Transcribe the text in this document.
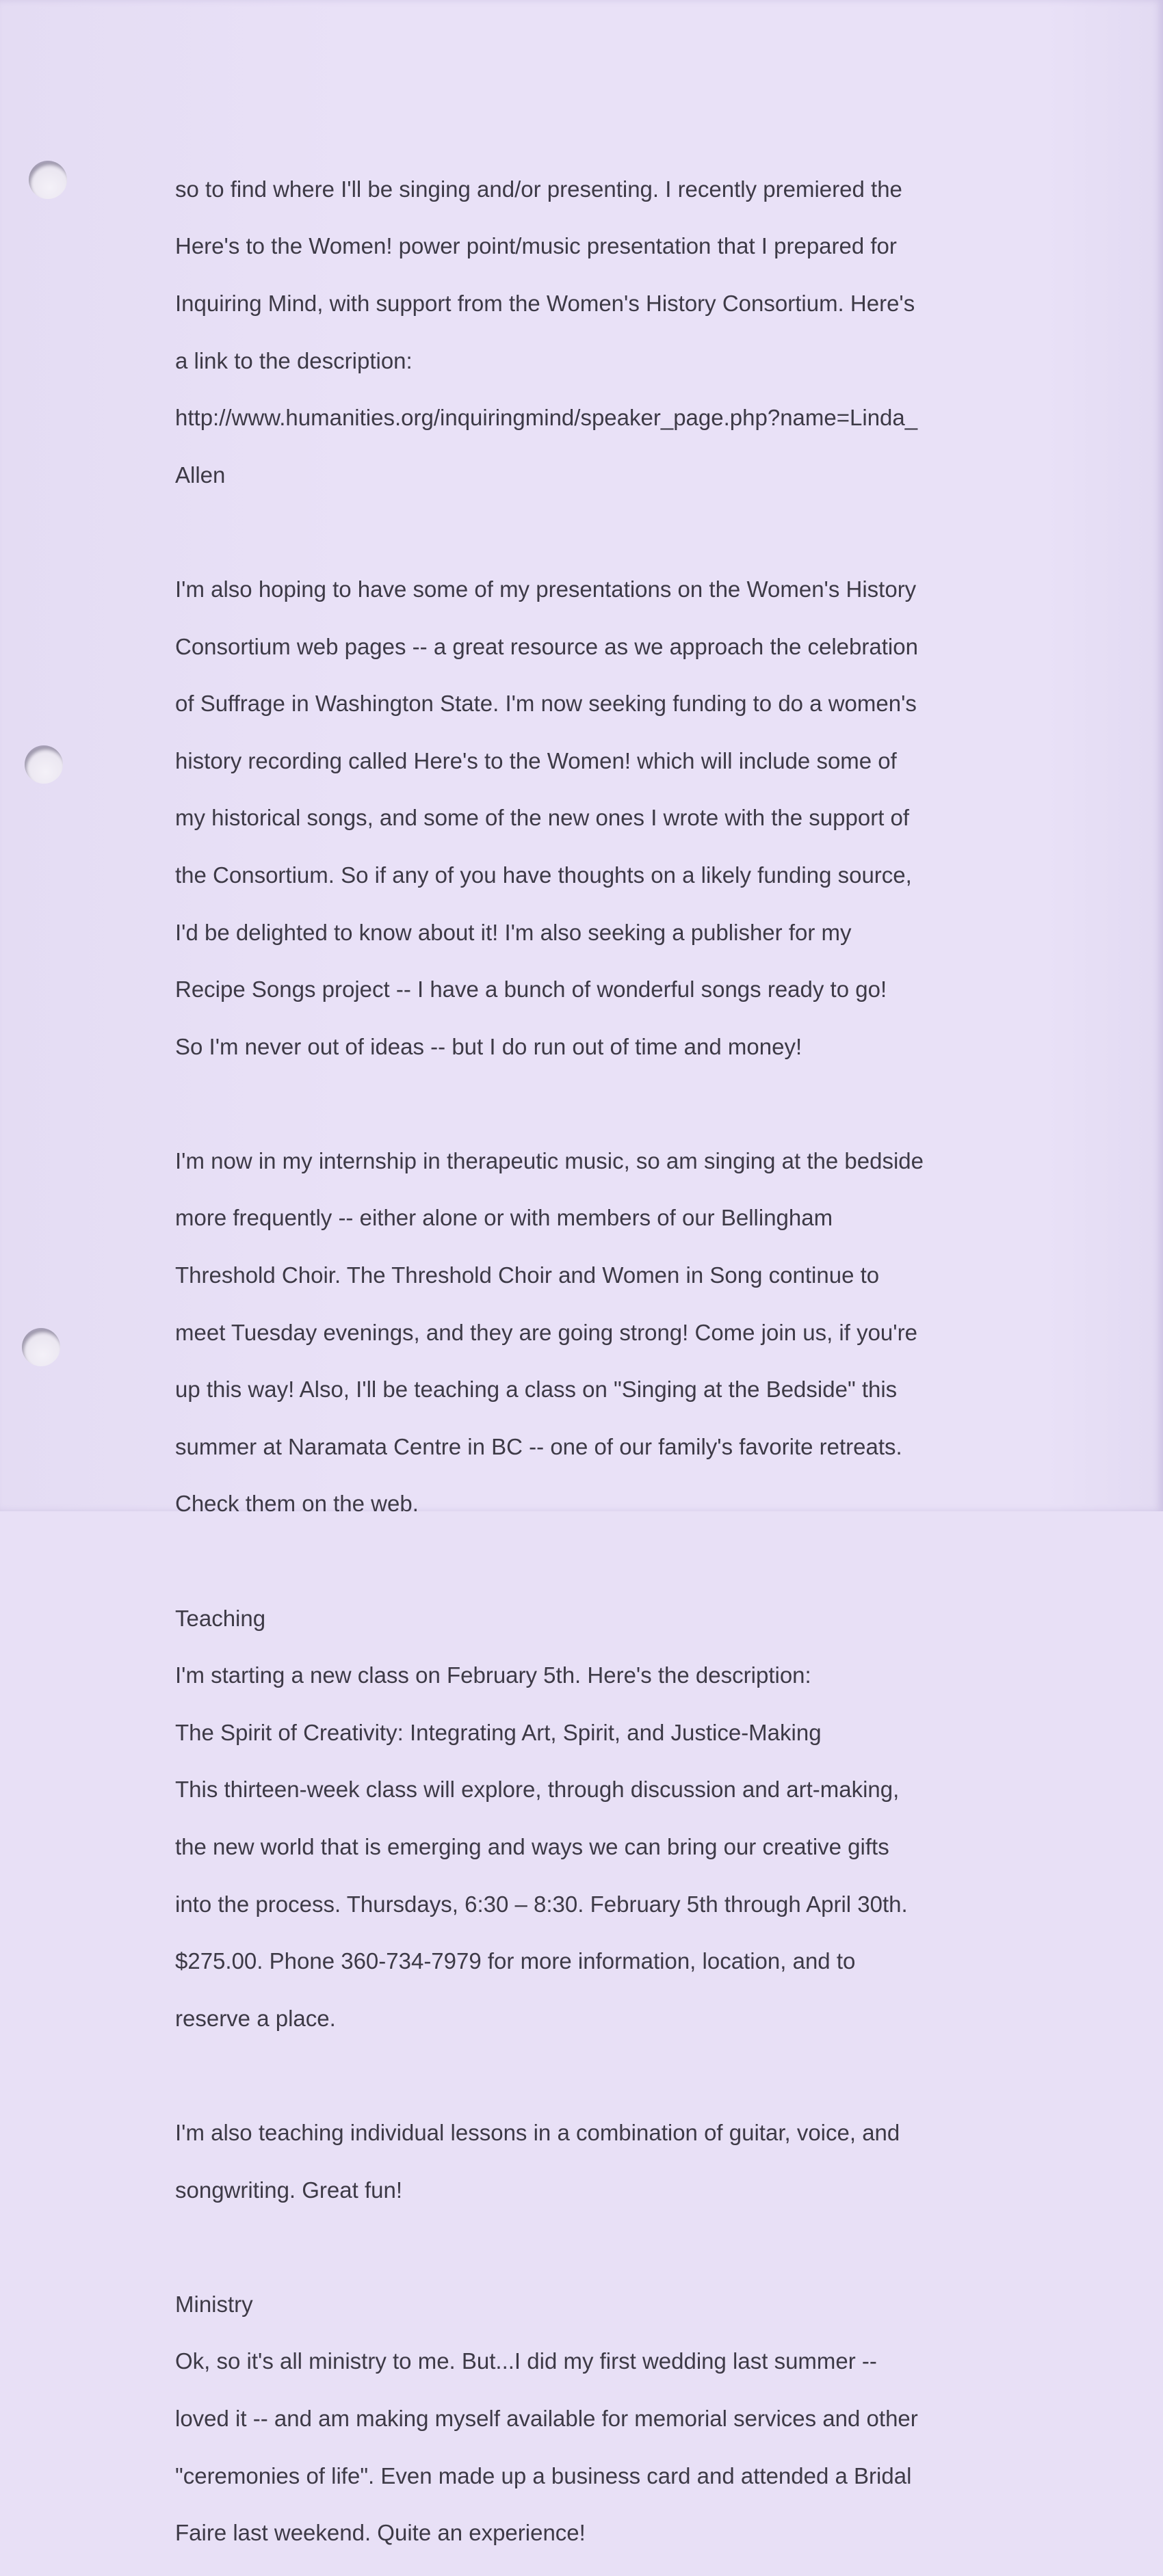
so to find where I'll be singing and/or presenting. I recently premiered the

Here's to the Women! power point/music presentation that I prepared for

Inquiring Mind, with support from the Women's History Consortium. Here's

a link to the description:

http://www.humanities.org/inquiringmind/speaker_page.php?name=Linda_

Allen

I'm also hoping to have some of my presentations on the Women's History

Consortium web pages -- a great resource as we approach the celebration

of Suffrage in Washington State. I'm now seeking funding to do a women's

history recording called Here's to the Women! which will include some of

my historical songs, and some of the new ones I wrote with the support of

the Consortium. So if any of you have thoughts on a likely funding source,

I'd be delighted to know about it! I'm also seeking a publisher for my

Recipe Songs project -- I have a bunch of wonderful songs ready to go!

So I'm never out of ideas -- but I do run out of time and money!

I'm now in my internship in therapeutic music, so am singing at the bedside

more frequently -- either alone or with members of our Bellingham

Threshold Choir. The Threshold Choir and Women in Song continue to

meet Tuesday evenings, and they are going strong! Come join us, if you're

up this way! Also, I'll be teaching a class on "Singing at the Bedside" this

summer at Naramata Centre in BC -- one of our family's favorite retreats.

Check them on the web.

Teaching

I'm starting a new class on February 5th. Here's the description:

The Spirit of Creativity: Integrating Art, Spirit, and Justice-Making

This thirteen-week class will explore, through discussion and art-making,

the new world that is emerging and ways we can bring our creative gifts

into the process. Thursdays, 6:30 – 8:30. February 5th through April 30th.

$275.00. Phone 360-734-7979 for more information, location, and to

reserve a place.

I'm also teaching individual lessons in a combination of guitar, voice, and

songwriting. Great fun!

Ministry

Ok, so it's all ministry to me. But...I did my first wedding last summer --

loved it -- and am making myself available for memorial services and other

"ceremonies of life". Even made up a business card and attended a Bridal

Faire last weekend. Quite an experience!
